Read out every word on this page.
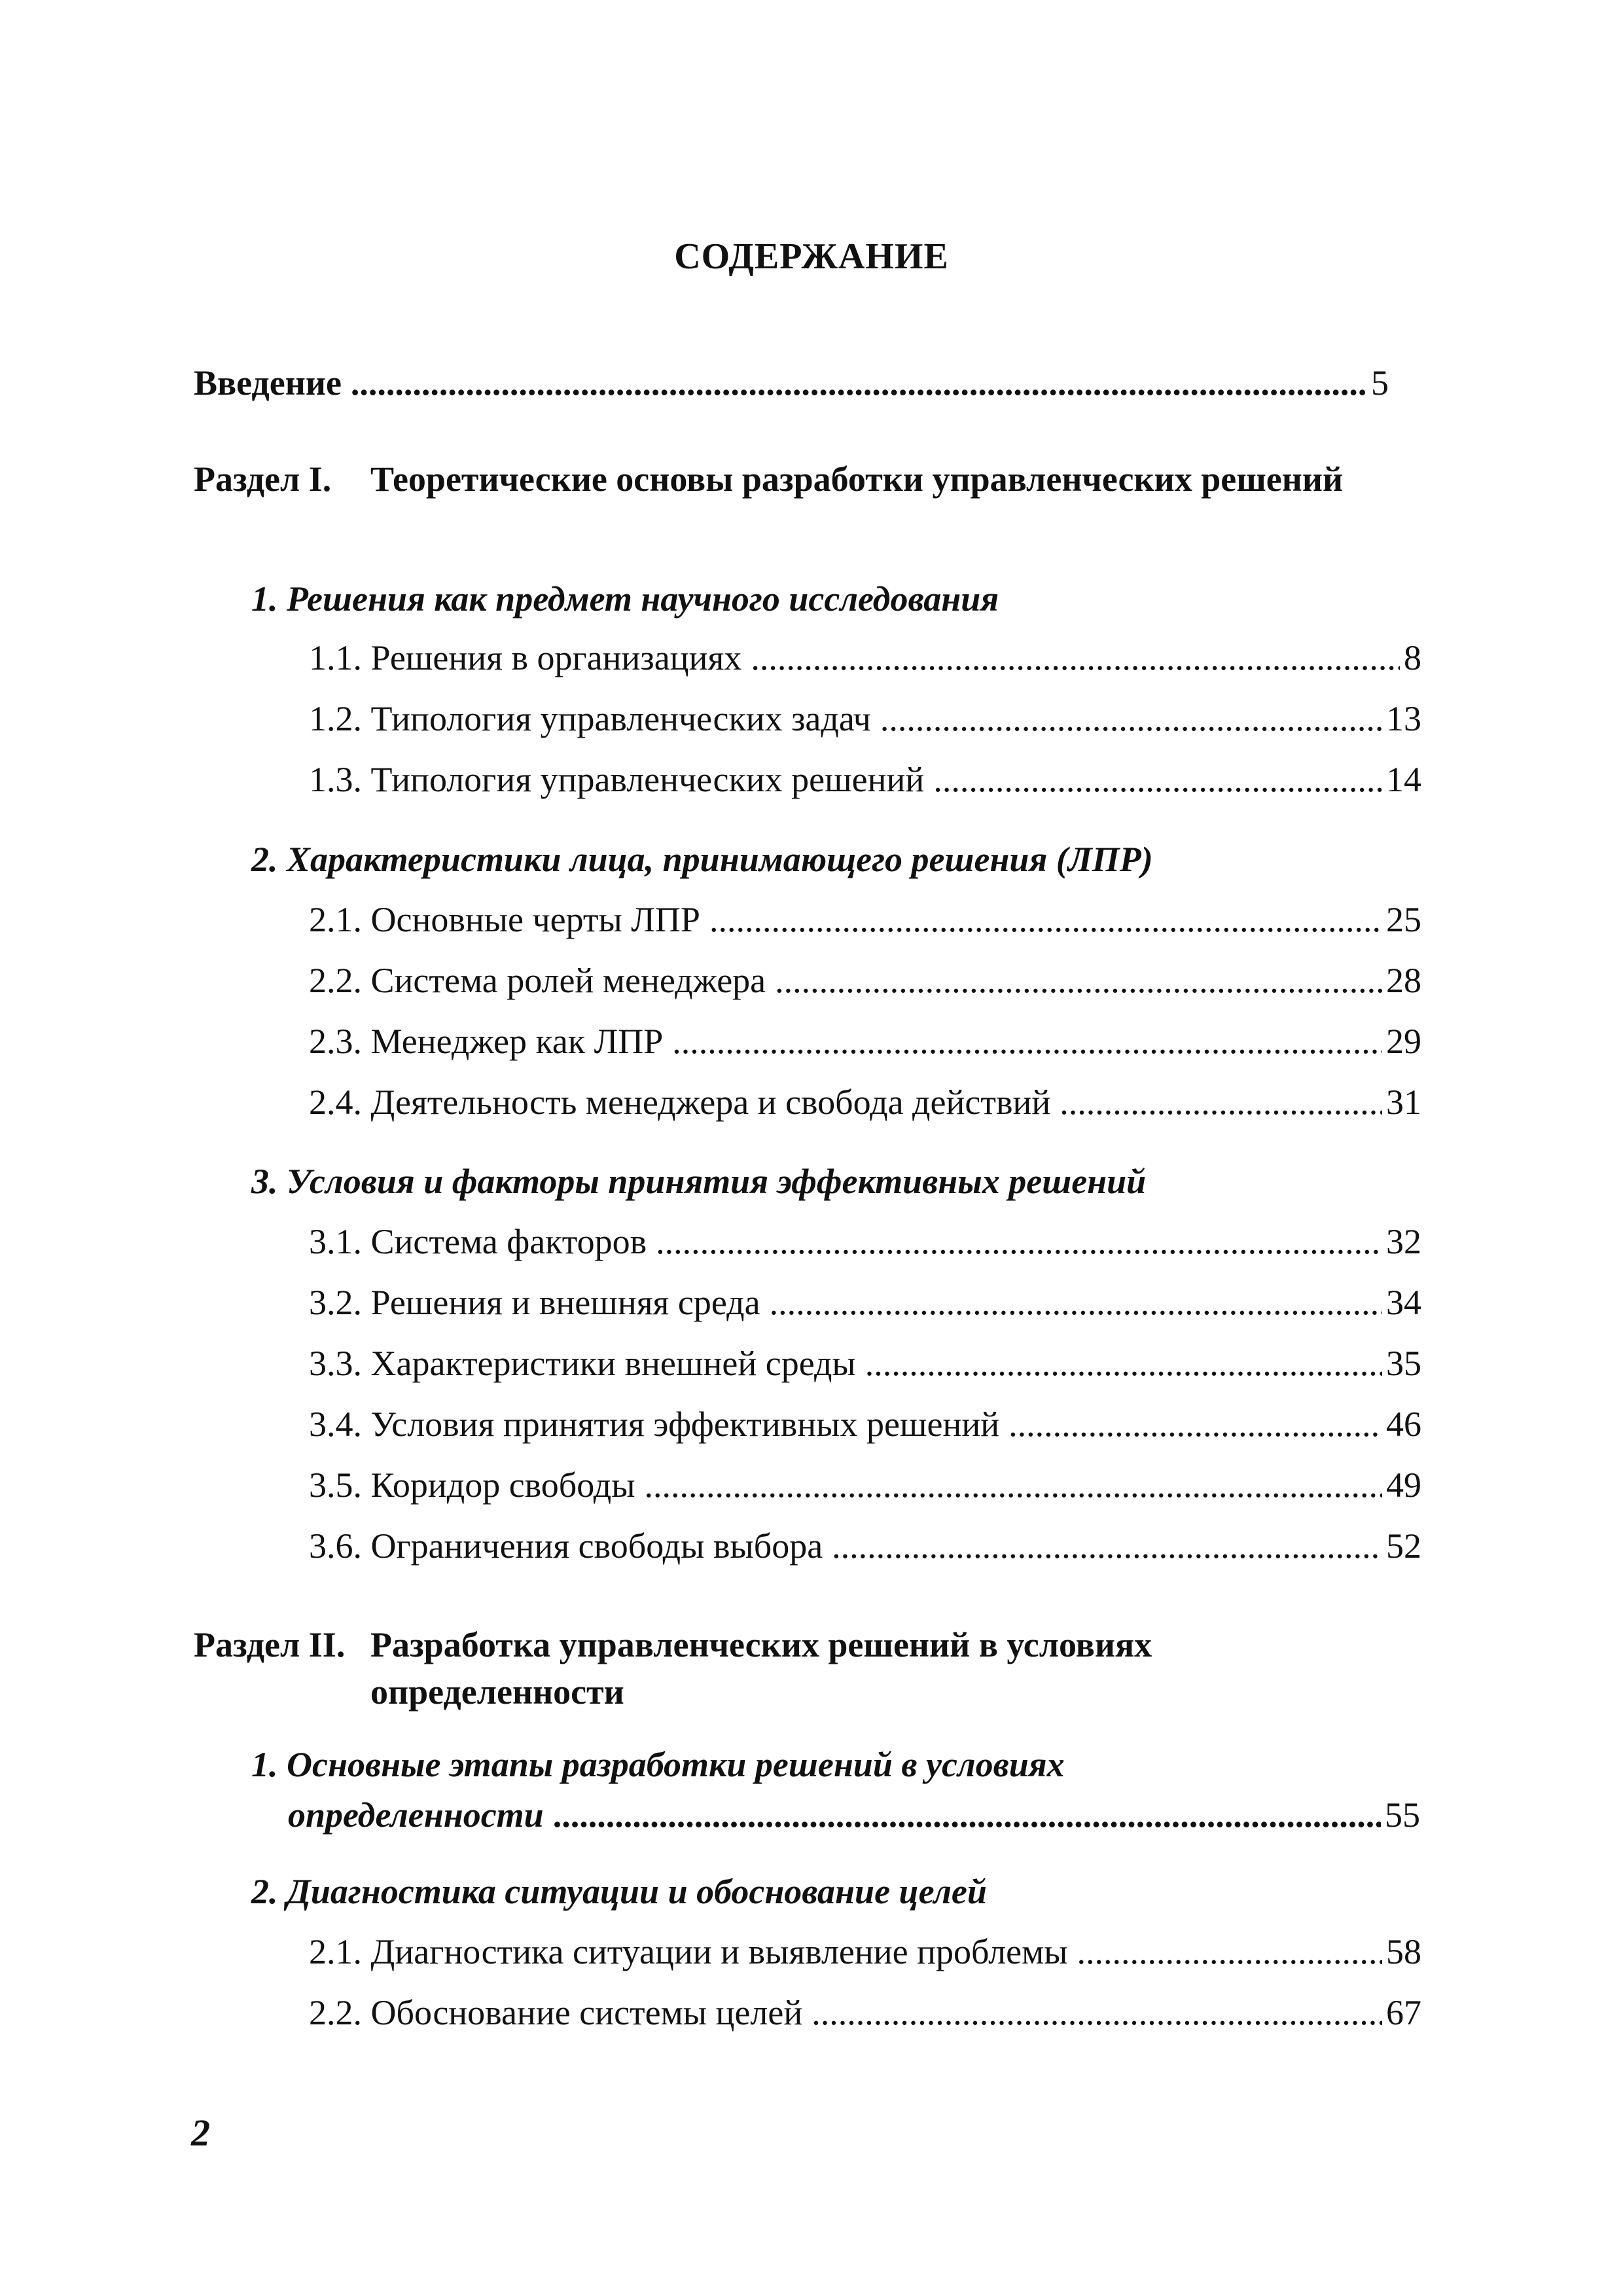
СОДЕРЖАНИЕ
Введение .....	5
Раздел I. Теоретические основы разработки управленческих решений
1. Решения как предмет научного исследования
1.1. Решения в организациях .....	8
1.2. Типология управленческих задач .....	13
1.3. Типология управленческих решений .....	14
2. Характеристики лица, принимающего решения (ЛПР)
2.1. Основные черты ЛПР .....	25
2.2. Система ролей менеджера .....	28
2.3. Менеджер как ЛПР .....	29
2.4. Деятельность менеджера и свобода действий .....	31
3. Условия и факторы принятия эффективных решений
3.1. Система факторов .....	32
3.2. Решения и внешняя среда .....	34
3.3. Характеристики внешней среды .....	35
3.4. Условия принятия эффективных решений .....	46
3.5. Коридор свободы .....	49
3.6. Ограничения свободы выбора .....	52
Раздел II. Разработка управленческих решений в условиях определенности
1. Основные этапы разработки решений в условиях
определенности .....	55
2. Диагностика ситуации и обоснование целей
2.1. Диагностика ситуации и выявление проблемы .....	58
2.2. Обоснование системы целей .....	67
2
